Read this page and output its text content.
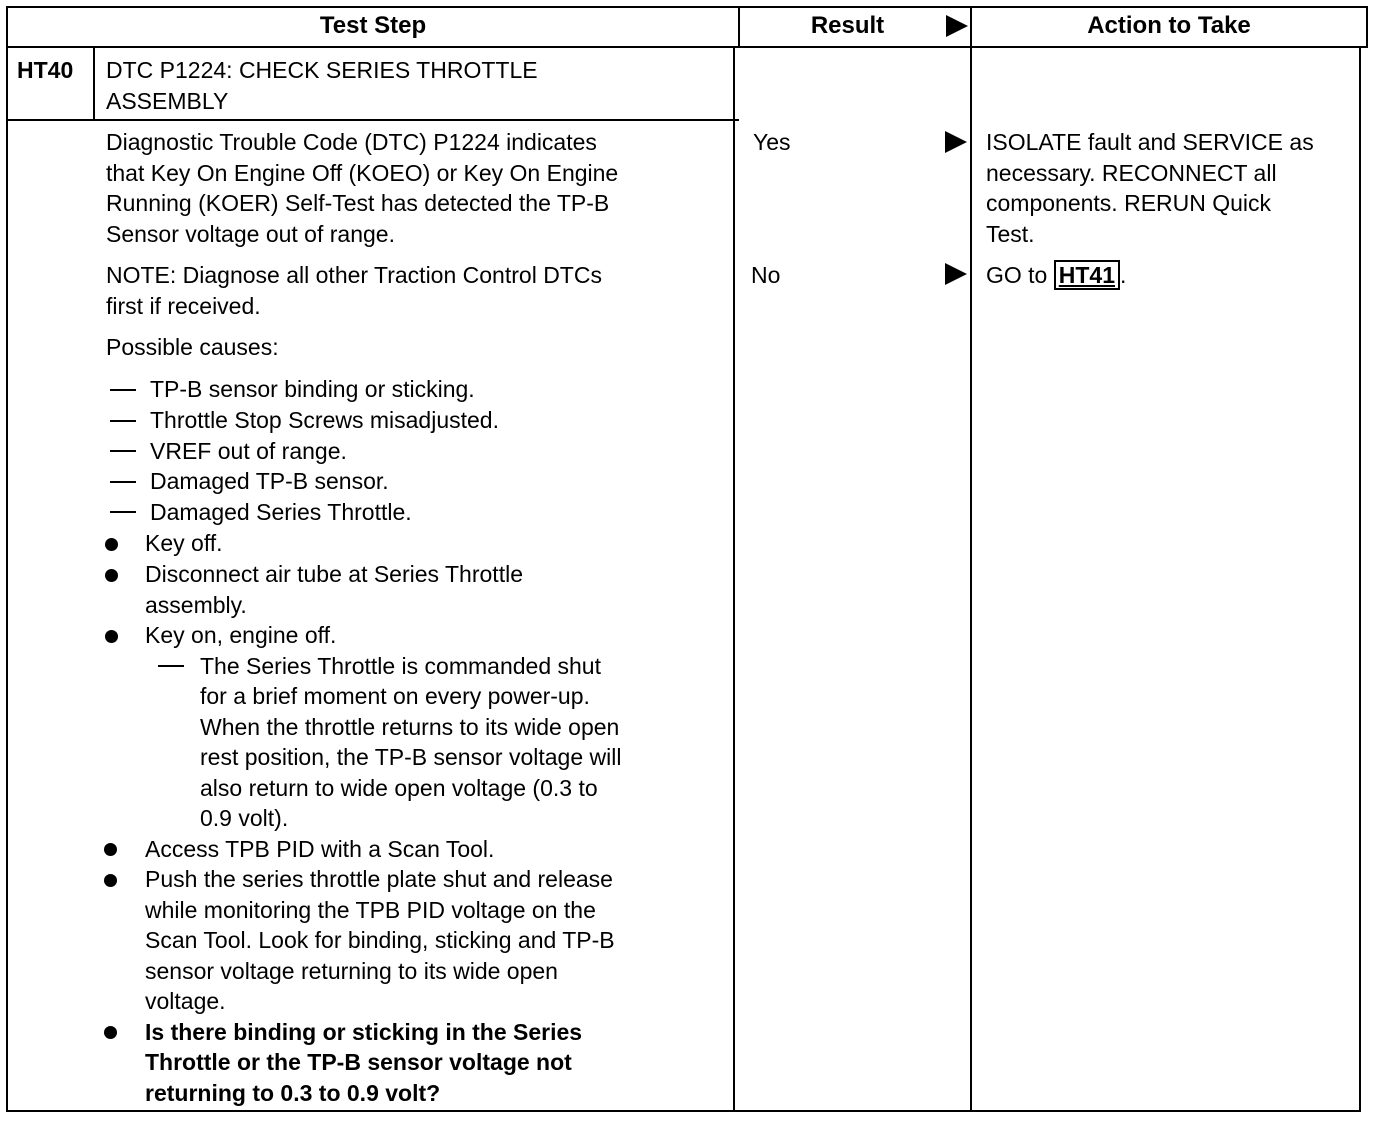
Test Step	Result	Action to Take
HT40 DTC P1224: CHECK SERIES THROTTLE
ASSEMBLY
Diagnostic Trouble Code (DTC) P1224 indicates
that Key On Engine Off (KOEO) or Key On Engine
Running (KOER) Self-Test has detected the TP-B
Sensor voltage out of range.
NOTE: Diagnose all other Traction Control DTCs
first if received.
Possible causes:
TP-B sensor binding or sticking.
Throttle Stop Screws misadjusted.
VREF out of range.
Damaged TP-B sensor.
Damaged Series Throttle.
Key off.
Disconnect air tube at Series Throttle
assembly.
Key on, engine off.
The Series Throttle is commanded shut
for a brief moment on every power-up.
When the throttle returns to its wide open
rest position, the TP-B sensor voltage will
also return to wide open voltage (0.3 to
0.9 volt).
Access TPB PID with a Scan Tool.
Push the series throttle plate shut and release
while monitoring the TPB PID voltage on the
Scan Tool. Look for binding, sticking and TP-B
sensor voltage returning to its wide open
voltage.
Is there binding or sticking in the Series
Throttle or the TP-B sensor voltage not
returning to 0.3 to 0.9 volt?
Yes	ISOLATE fault and SERVICE as
necessary. RECONNECT all
components. RERUN Quick
Test.
No	GO to HT41 .
